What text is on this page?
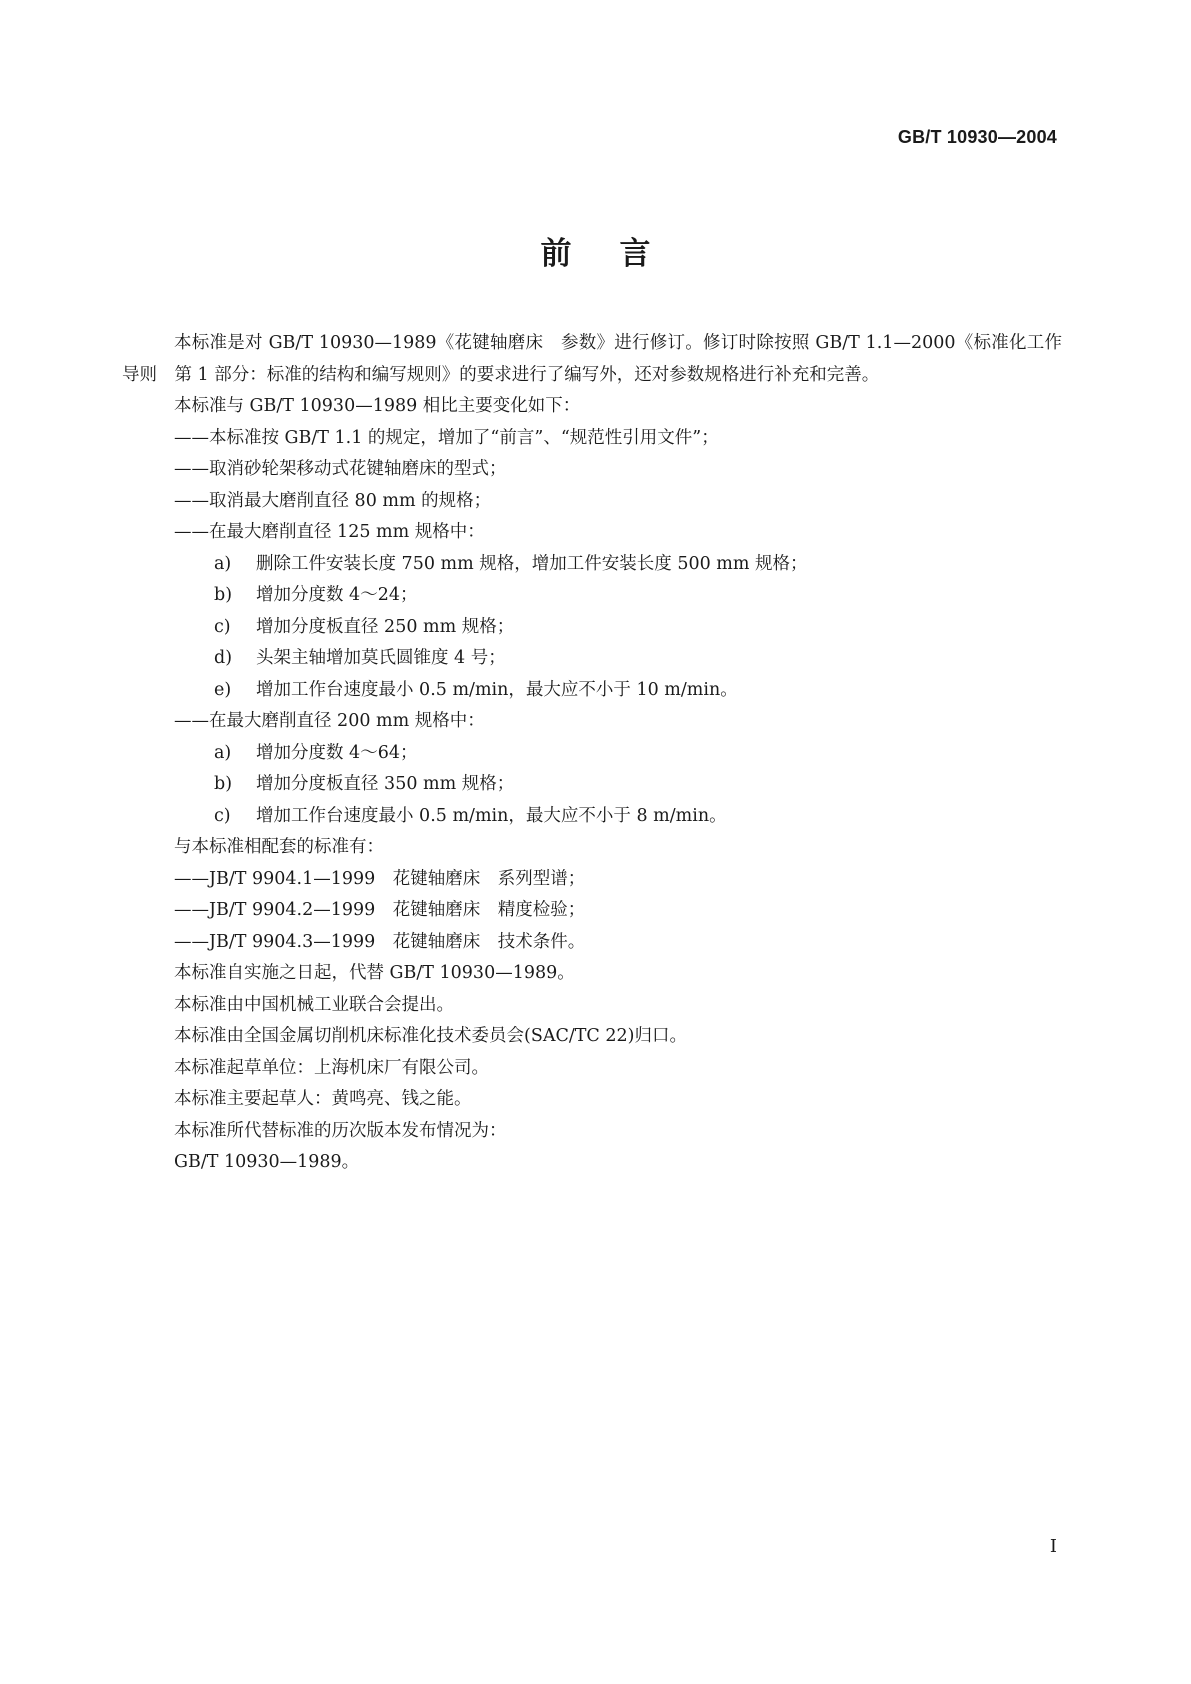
GB/T 10930—2004
前言

本标准是对 GB/T 10930—1989《花键轴磨床　参数》进行修订。修订时除按照 GB/T 1.1—2000《标准化工作导则　第 1 部分：标准的结构和编写规则》的要求进行了编写外，还对参数规格进行补充和完善。

本标准与 GB/T 10930—1989 相比主要变化如下：
——本标准按 GB/T 1.1 的规定，增加了“前言”、“规范性引用文件”；
——取消砂轮架移动式花键轴磨床的型式；
——取消最大磨削直径 80 mm 的规格；
——在最大磨削直径 125 mm 规格中：
a) 删除工件安装长度 750 mm 规格，增加工件安装长度 500 mm 规格；
b) 增加分度数 4～24；
c) 增加分度板直径 250 mm 规格；
d) 头架主轴增加莫氏圆锥度 4 号；
e) 增加工作台速度最小 0.5 m/min，最大应不小于 10 m/min。
——在最大磨削直径 200 mm 规格中：
a) 增加分度数 4～64；
b) 增加分度板直径 350 mm 规格；
c) 增加工作台速度最小 0.5 m/min，最大应不小于 8 m/min。
与本标准相配套的标准有：
——JB/T 9904.1—1999　花键轴磨床　系列型谱；
——JB/T 9904.2—1999　花键轴磨床　精度检验；
——JB/T 9904.3—1999　花键轴磨床　技术条件。
本标准自实施之日起，代替 GB/T 10930—1989。
本标准由中国机械工业联合会提出。
本标准由全国金属切削机床标准化技术委员会(SAC/TC 22)归口。
本标准起草单位：上海机床厂有限公司。
本标准主要起草人：黄鸣亮、钱之能。
本标准所代替标准的历次版本发布情况为：
GB/T 10930—1989。
I
